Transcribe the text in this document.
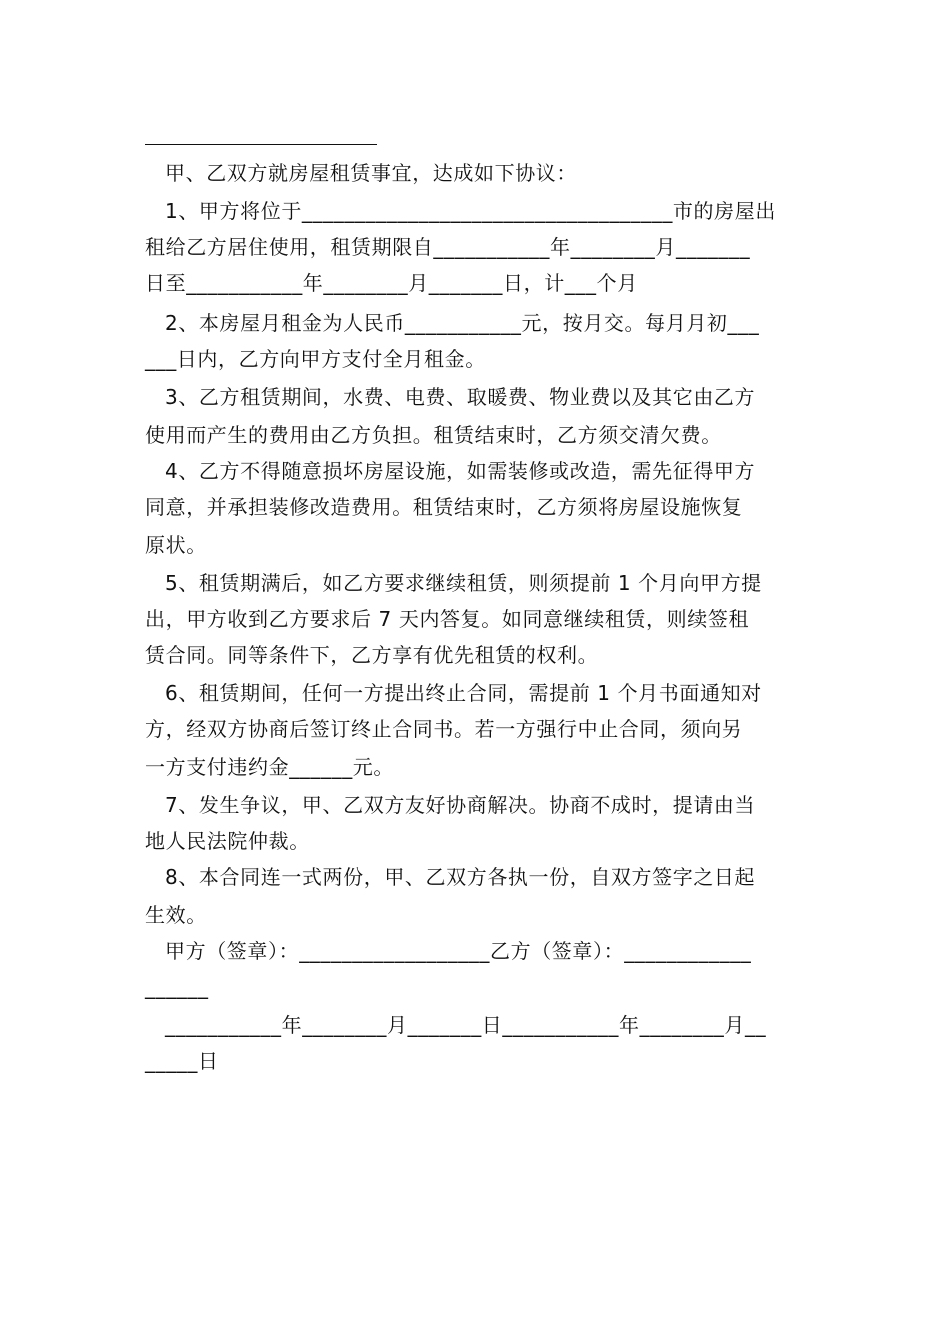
甲、乙双方就房屋租赁事宜，达成如下协议：
1、甲方将位于___________________________________市的房屋出
租给乙方居住使用，租赁期限自___________年________月_______
日至___________年________月_______日，计___个月
2、本房屋月租金为人民币___________元，按月交。每月月初___
___日内，乙方向甲方支付全月租金。
3、乙方租赁期间，水费、电费、取暖费、物业费以及其它由乙方
使用而产生的费用由乙方负担。租赁结束时，乙方须交清欠费。
4、乙方不得随意损坏房屋设施，如需装修或改造，需先征得甲方
同意，并承担装修改造费用。租赁结束时，乙方须将房屋设施恢复
原状。
5、租赁期满后，如乙方要求继续租赁，则须提前 1 个月向甲方提
出，甲方收到乙方要求后 7 天内答复。如同意继续租赁，则续签租
赁合同。同等条件下，乙方享有优先租赁的权利。
6、租赁期间，任何一方提出终止合同，需提前 1 个月书面通知对
方，经双方协商后签订终止合同书。若一方强行中止合同，须向另
一方支付违约金______元。
7、发生争议，甲、乙双方友好协商解决。协商不成时，提请由当
地人民法院仲裁。
8、本合同连一式两份，甲、乙双方各执一份，自双方签字之日起
生效。
甲方（签章）：__________________乙方（签章）：____________
______
___________年________月_______日___________年________月__
_____日
